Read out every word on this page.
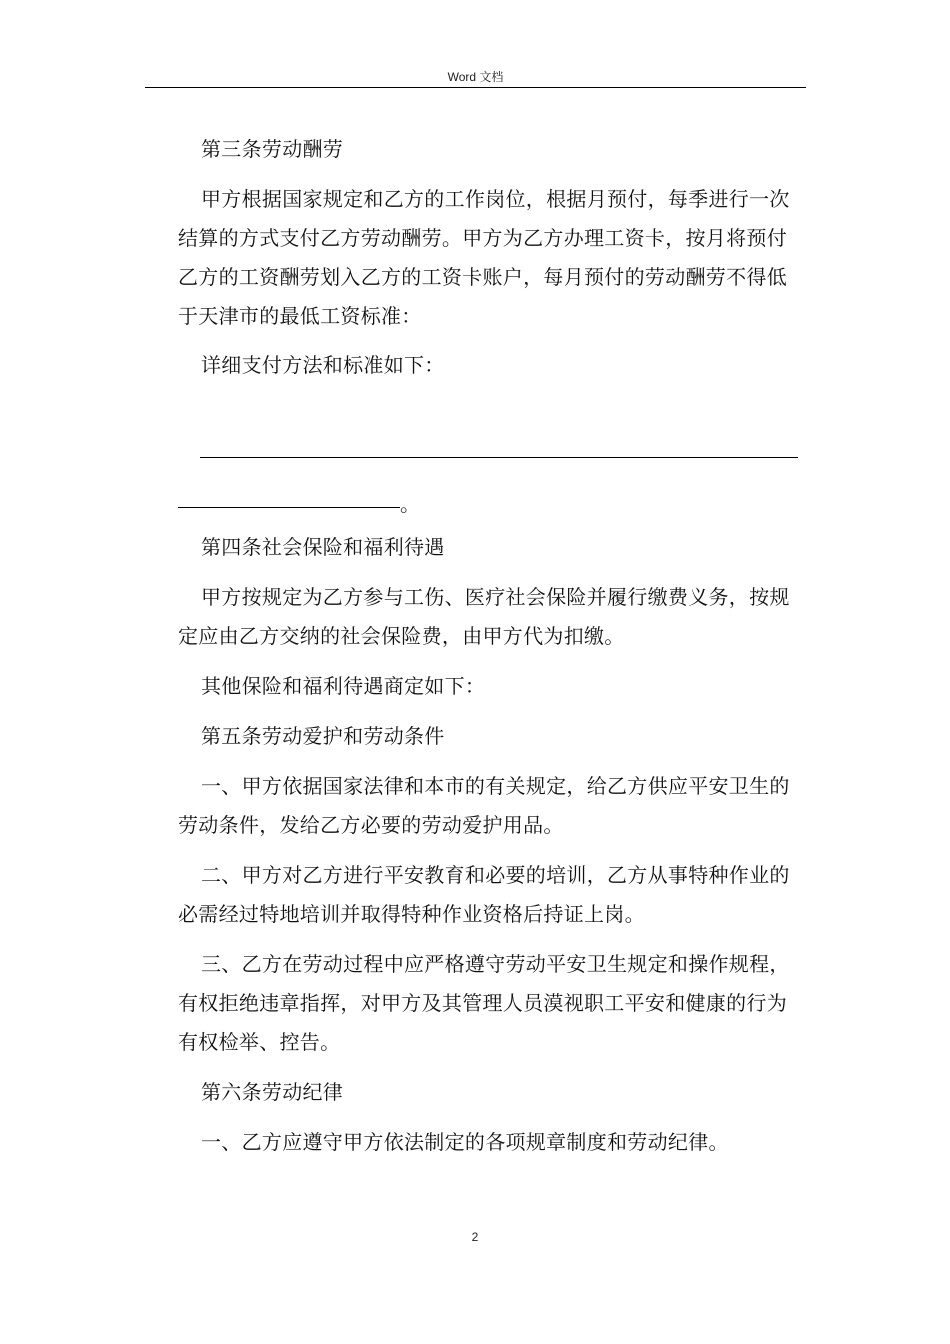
Word 文档

第三条劳动酬劳

甲方根据国家规定和乙方的工作岗位，根据月预付，每季进行一次结算的方式支付乙方劳动酬劳。甲方为乙方办理工资卡，按月将预付乙方的工资酬劳划入乙方的工资卡账户，每月预付的劳动酬劳不得低于天津市的最低工资标准：

详细支付方法和标准如下：

。

第四条社会保险和福利待遇

甲方按规定为乙方参与工伤、医疗社会保险并履行缴费义务，按规定应由乙方交纳的社会保险费，由甲方代为扣缴。

其他保险和福利待遇商定如下：

第五条劳动爱护和劳动条件

一、甲方依据国家法律和本市的有关规定，给乙方供应平安卫生的劳动条件，发给乙方必要的劳动爱护用品。

二、甲方对乙方进行平安教育和必要的培训，乙方从事特种作业的必需经过特地培训并取得特种作业资格后持证上岗。

三、乙方在劳动过程中应严格遵守劳动平安卫生规定和操作规程，有权拒绝违章指挥，对甲方及其管理人员漠视职工平安和健康的行为有权检举、控告。

第六条劳动纪律

一、乙方应遵守甲方依法制定的各项规章制度和劳动纪律。

2
